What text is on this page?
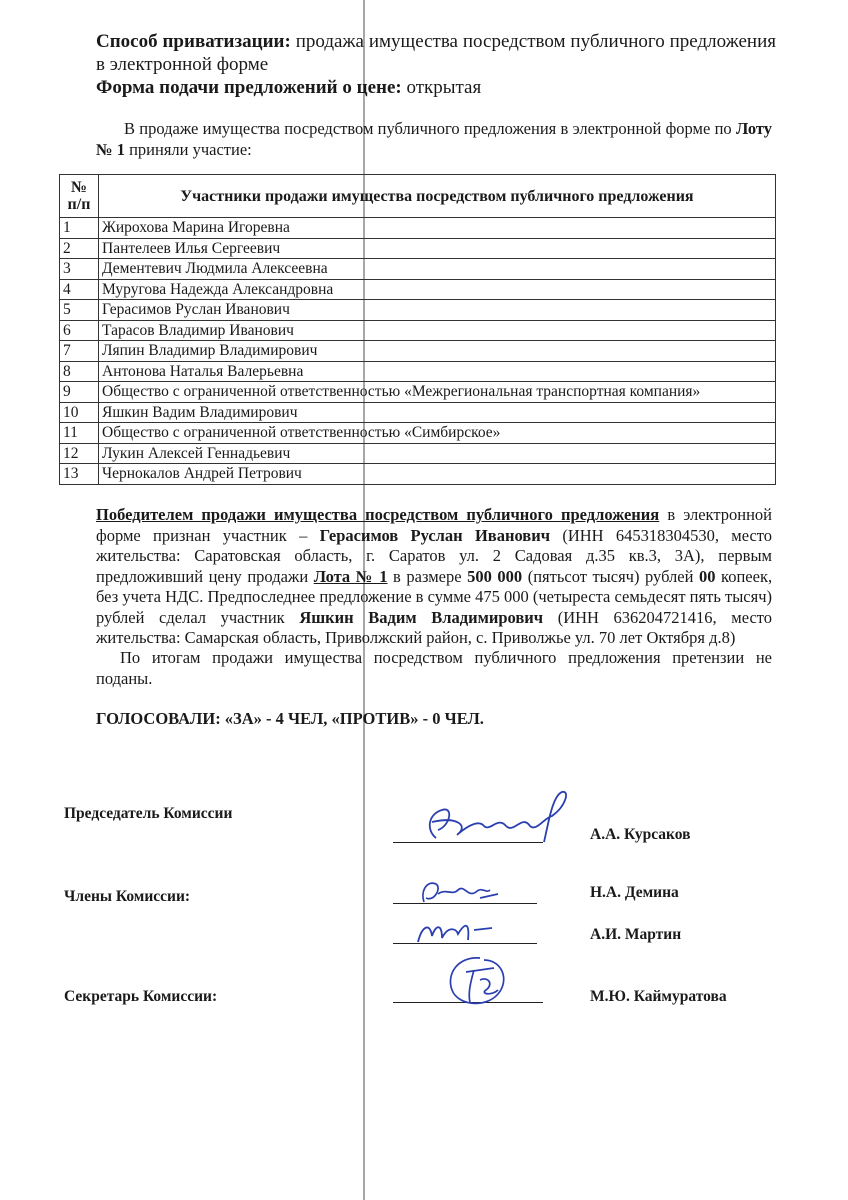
Способ приватизации: продажа имущества посредством публичного предложения в электронной форме
Форма подачи предложений о цене: открытая
В продаже имущества посредством публичного предложения в электронной форме по Лоту № 1 приняли участие:
№ п/п	Участники продажи имущества посредством публичного предложения
1	Жирохова Марина Игоревна
2	Пантелеев Илья Сергеевич
3	Дементевич Людмила Алексеевна
4	Муругова Надежда Александровна
5	Герасимов Руслан Иванович
6	Тарасов Владимир Иванович
7	Ляпин Владимир Владимирович
8	Антонова Наталья Валерьевна
9	Общество с ограниченной ответственностью «Межрегиональная транспортная компания»
10	Яшкин Вадим Владимирович
11	Общество с ограниченной ответственностью «Симбирское»
12	Лукин Алексей Геннадьевич
13	Чернокалов Андрей Петрович
Победителем продажи имущества посредством публичного предложения в электронной форме признан участник – Герасимов Руслан Иванович (ИНН 645318304530, место жительства: Саратовская область, г. Саратов ул. 2 Садовая д.35 кв.3, 3А), первым предложивший цену продажи Лота № 1 в размере 500 000 (пятьсот тысяч) рублей 00 копеек, без учета НДС. Предпоследнее предложение в сумме 475 000 (четыреста семьдесят пять тысяч) рублей сделал участник Яшкин Вадим Владимирович (ИНН 636204721416, место жительства: Самарская область, Приволжский район, с. Приволжье ул. 70 лет Октября д.8)
По итогам продажи имущества посредством публичного предложения претензии не поданы.
ГОЛОСОВАЛИ: «ЗА» - 4 ЧЕЛ, «ПРОТИВ» - 0 ЧЕЛ.
Председатель Комиссии
А.А. Курсаков
Члены Комиссии:	Н.А. Демина
А.И. Мартин
Секретарь Комиссии:	М.Ю. Каймуратова
